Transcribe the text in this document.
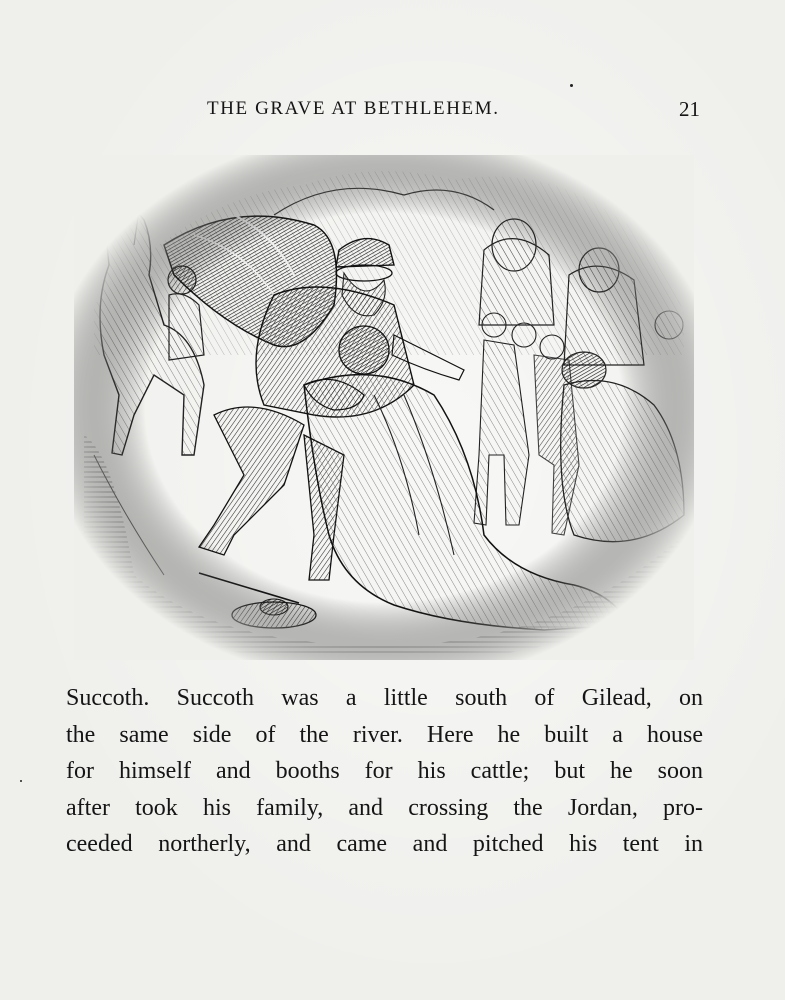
THE GRAVE AT BETHLEHEM.	21
Succoth. Succoth was a little south of Gilead, on
the same side of the river. Here he built a house
for himself and booths for his cattle; but he soon
after took his family, and crossing the Jordan, pro-
ceeded northerly, and came and pitched his tent in
